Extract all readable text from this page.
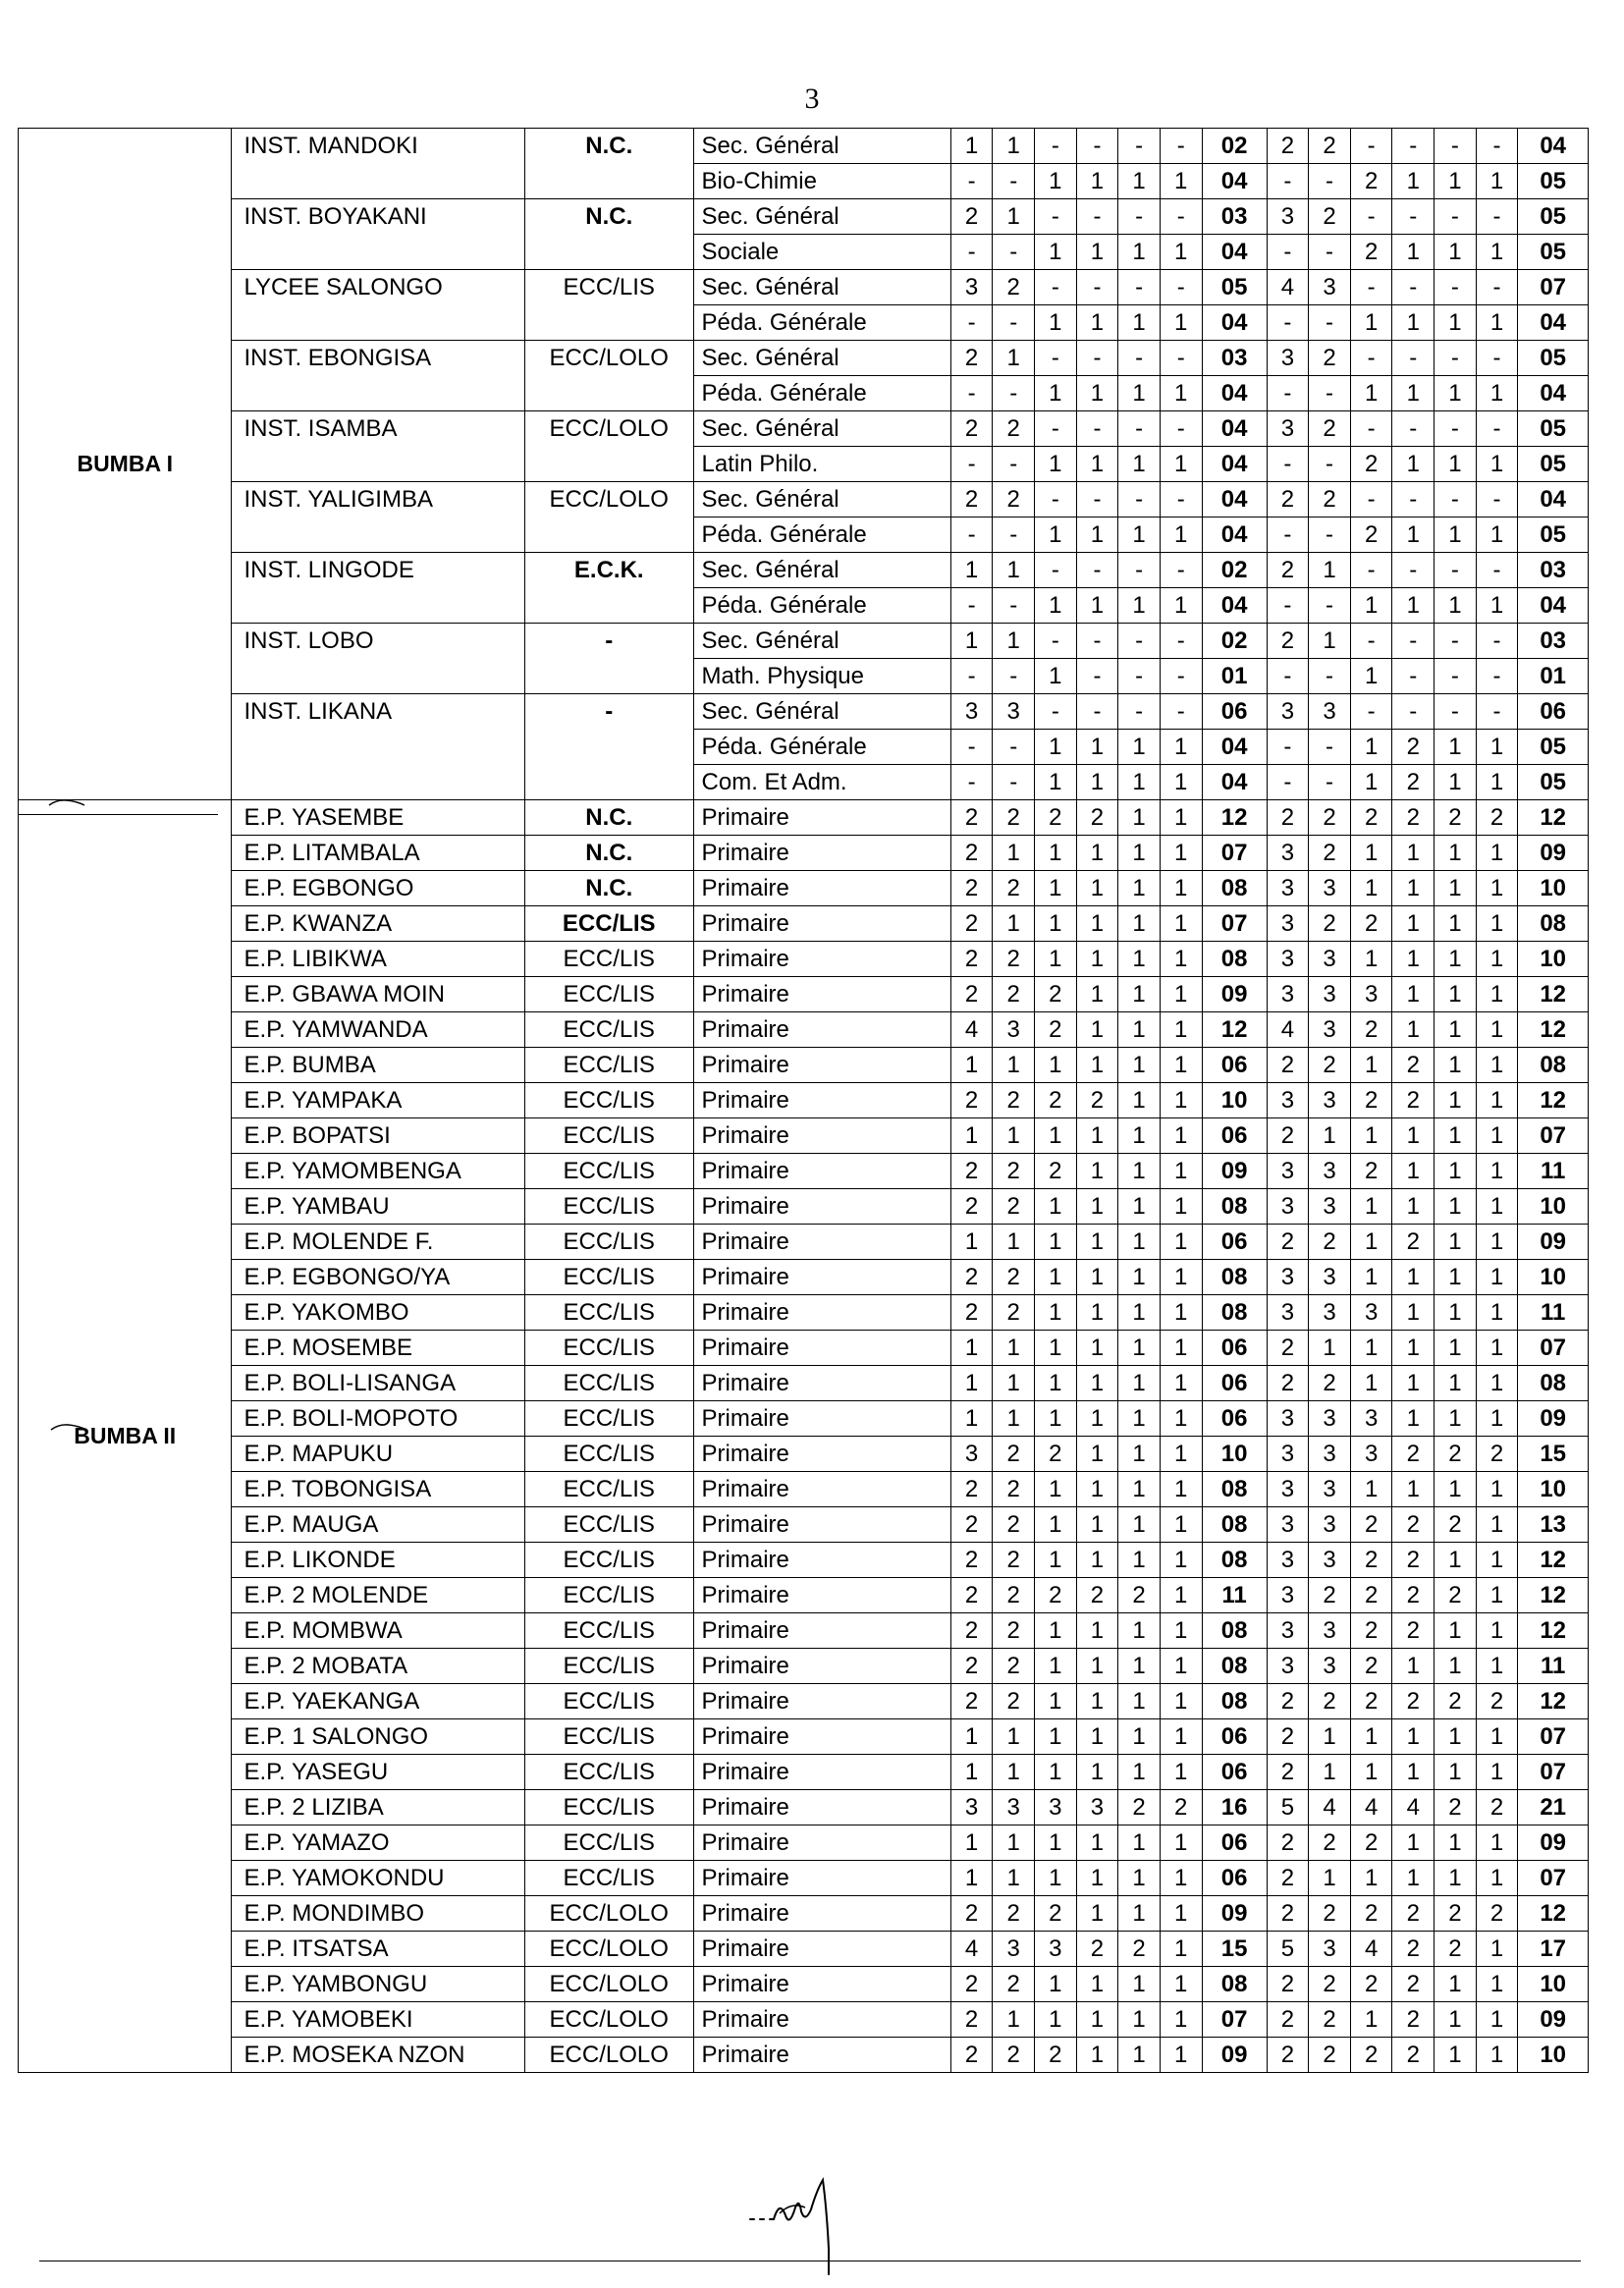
3
BUMBA I	INST. MANDOKI	N.C.	Sec. Général	1	1	-	-	-	-	02	2	2	-	-	-	-	04
			Bio-Chimie	-	-	1	1	1	1	04	-	-	2	1	1	1	05
	INST. BOYAKANI	N.C.	Sec. Général	2	1	-	-	-	-	03	3	2	-	-	-	-	05
			Sociale	-	-	1	1	1	1	04	-	-	2	1	1	1	05
	LYCEE SALONGO	ECC/LIS	Sec. Général	3	2	-	-	-	-	05	4	3	-	-	-	-	07
			Péda. Générale	-	-	1	1	1	1	04	-	-	1	1	1	1	04
	INST. EBONGISA	ECC/LOLO	Sec. Général	2	1	-	-	-	-	03	3	2	-	-	-	-	05
			Péda. Générale	-	-	1	1	1	1	04	-	-	1	1	1	1	04
	INST. ISAMBA	ECC/LOLO	Sec. Général	2	2	-	-	-	-	04	3	2	-	-	-	-	05
			Latin Philo.	-	-	1	1	1	1	04	-	-	2	1	1	1	05
	INST. YALIGIMBA	ECC/LOLO	Sec. Général	2	2	-	-	-	-	04	2	2	-	-	-	-	04
			Péda. Générale	-	-	1	1	1	1	04	-	-	2	1	1	1	05
	INST. LINGODE	E.C.K.	Sec. Général	1	1	-	-	-	-	02	2	1	-	-	-	-	03
			Péda. Générale	-	-	1	1	1	1	04	-	-	1	1	1	1	04
	INST. LOBO	-	Sec. Général	1	1	-	-	-	-	02	2	1	-	-	-	-	03
			Math. Physique	-	-	1	-	-	-	01	-	-	1	-	-	-	01
	INST. LIKANA	-	Sec. Général	3	3	-	-	-	-	06	3	3	-	-	-	-	06
			Péda. Générale	-	-	1	1	1	1	04	-	-	1	2	1	1	05
			Com. Et Adm.	-	-	1	1	1	1	04	-	-	1	2	1	1	05
BUMBA II	E.P. YASEMBE	N.C.	Primaire	2	2	2	2	1	1	12	2	2	2	2	2	2	12
	E.P. LITAMBALA	N.C.	Primaire	2	1	1	1	1	1	07	3	2	1	1	1	1	09
	E.P. EGBONGO	N.C.	Primaire	2	2	1	1	1	1	08	3	3	1	1	1	1	10
	E.P. KWANZA	ECC/LIS	Primaire	2	1	1	1	1	1	07	3	2	2	1	1	1	08
	E.P. LIBIKWA	ECC/LIS	Primaire	2	2	1	1	1	1	08	3	3	1	1	1	1	10
	E.P. GBAWA MOIN	ECC/LIS	Primaire	2	2	2	1	1	1	09	3	3	3	1	1	1	12
	E.P. YAMWANDA	ECC/LIS	Primaire	4	3	2	1	1	1	12	4	3	2	1	1	1	12
	E.P. BUMBA	ECC/LIS	Primaire	1	1	1	1	1	1	06	2	2	1	2	1	1	08
	E.P. YAMPAKA	ECC/LIS	Primaire	2	2	2	2	1	1	10	3	3	2	2	1	1	12
	E.P. BOPATSI	ECC/LIS	Primaire	1	1	1	1	1	1	06	2	1	1	1	1	1	07
	E.P. YAMOMBENGA	ECC/LIS	Primaire	2	2	2	1	1	1	09	3	3	2	1	1	1	11
	E.P. YAMBAU	ECC/LIS	Primaire	2	2	1	1	1	1	08	3	3	1	1	1	1	10
	E.P. MOLENDE F.	ECC/LIS	Primaire	1	1	1	1	1	1	06	2	2	1	2	1	1	09
	E.P. EGBONGO/YA	ECC/LIS	Primaire	2	2	1	1	1	1	08	3	3	1	1	1	1	10
	E.P. YAKOMBO	ECC/LIS	Primaire	2	2	1	1	1	1	08	3	3	3	1	1	1	11
	E.P. MOSEMBE	ECC/LIS	Primaire	1	1	1	1	1	1	06	2	1	1	1	1	1	07
	E.P. BOLI-LISANGA	ECC/LIS	Primaire	1	1	1	1	1	1	06	2	2	1	1	1	1	08
	E.P. BOLI-MOPOTO	ECC/LIS	Primaire	1	1	1	1	1	1	06	3	3	3	1	1	1	09
	E.P. MAPUKU	ECC/LIS	Primaire	3	2	2	1	1	1	10	3	3	3	2	2	2	15
	E.P. TOBONGISA	ECC/LIS	Primaire	2	2	1	1	1	1	08	3	3	1	1	1	1	10
	E.P. MAUGA	ECC/LIS	Primaire	2	2	1	1	1	1	08	3	3	2	2	2	1	13
	E.P. LIKONDE	ECC/LIS	Primaire	2	2	1	1	1	1	08	3	3	2	2	1	1	12
	E.P. 2 MOLENDE	ECC/LIS	Primaire	2	2	2	2	2	1	11	3	2	2	2	2	1	12
	E.P. MOMBWA	ECC/LIS	Primaire	2	2	1	1	1	1	08	3	3	2	2	1	1	12
	E.P. 2 MOBATA	ECC/LIS	Primaire	2	2	1	1	1	1	08	3	3	2	1	1	1	11
	E.P. YAEKANGA	ECC/LIS	Primaire	2	2	1	1	1	1	08	2	2	2	2	2	2	12
	E.P. 1 SALONGO	ECC/LIS	Primaire	1	1	1	1	1	1	06	2	1	1	1	1	1	07
	E.P. YASEGU	ECC/LIS	Primaire	1	1	1	1	1	1	06	2	1	1	1	1	1	07
	E.P. 2 LIZIBA	ECC/LIS	Primaire	3	3	3	3	2	2	16	5	4	4	4	2	2	21
	E.P. YAMAZO	ECC/LIS	Primaire	1	1	1	1	1	1	06	2	2	2	1	1	1	09
	E.P. YAMOKONDU	ECC/LIS	Primaire	1	1	1	1	1	1	06	2	1	1	1	1	1	07
	E.P. MONDIMBO	ECC/LOLO	Primaire	2	2	2	1	1	1	09	2	2	2	2	2	2	12
	E.P. ITSATSA	ECC/LOLO	Primaire	4	3	3	2	2	1	15	5	3	4	2	2	1	17
	E.P. YAMBONGU	ECC/LOLO	Primaire	2	2	1	1	1	1	08	2	2	2	2	1	1	10
	E.P. YAMOBEKI	ECC/LOLO	Primaire	2	1	1	1	1	1	07	2	2	1	2	1	1	09
	E.P. MOSEKA NZON	ECC/LOLO	Primaire	2	2	2	1	1	1	09	2	2	2	2	1	1	10
